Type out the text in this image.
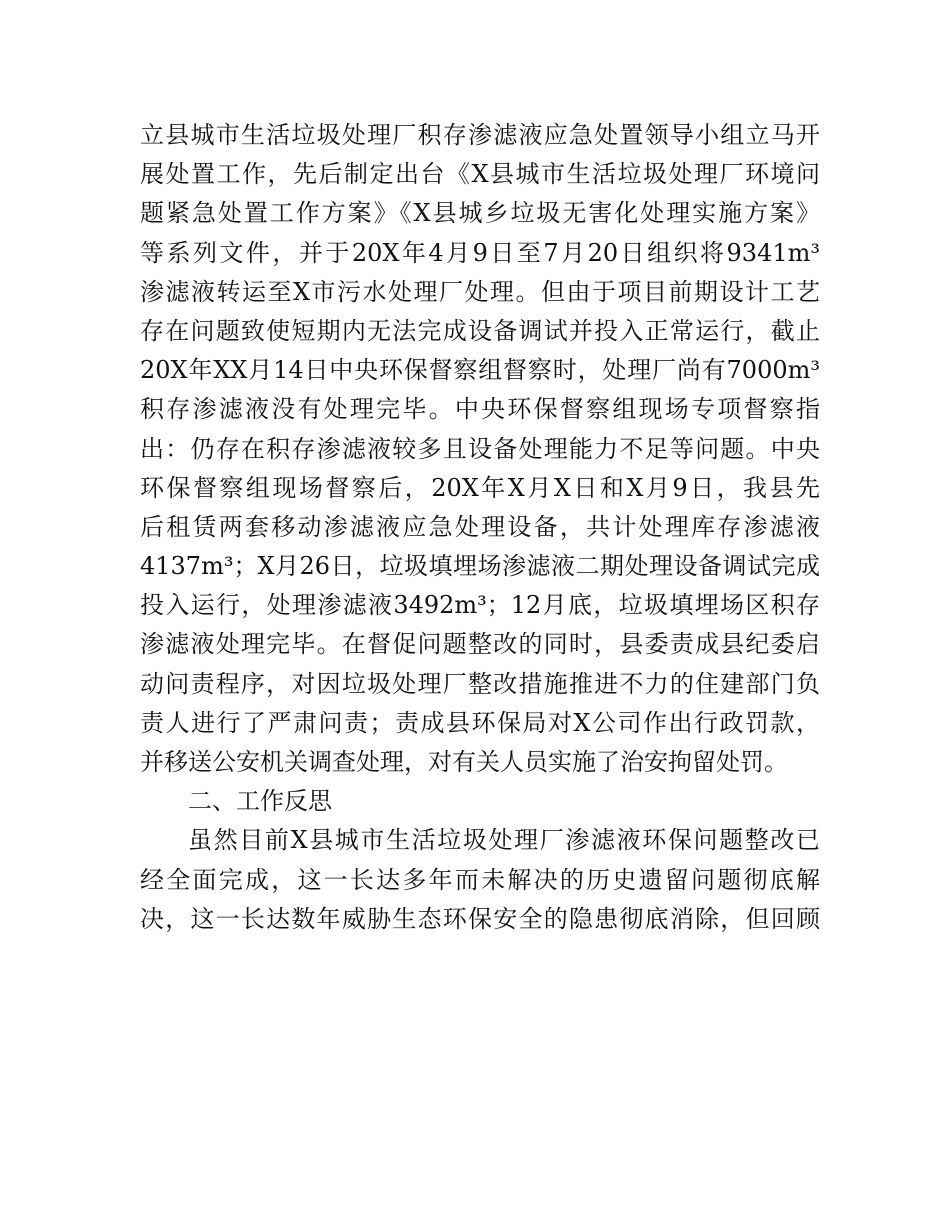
立县城市生活垃圾处理厂积存渗滤液应急处置领导小组立马开
展处置工作，先后制定出台《X县城市生活垃圾处理厂环境问
题紧急处置工作方案》《X县城乡垃圾无害化处理实施方案》
等系列文件，并于20X年4月9日至7月20日组织将9341m³
渗滤液转运至X市污水处理厂处理。但由于项目前期设计工艺
存在问题致使短期内无法完成设备调试并投入正常运行，截止
20X年XX月14日中央环保督察组督察时，处理厂尚有7000m³
积存渗滤液没有处理完毕。中央环保督察组现场专项督察指
出：仍存在积存渗滤液较多且设备处理能力不足等问题。中央
环保督察组现场督察后，20X年X月X日和X月9日，我县先
后租赁两套移动渗滤液应急处理设备，共计处理库存渗滤液
4137m³；X月26日，垃圾填埋场渗滤液二期处理设备调试完成
投入运行，处理渗滤液3492m³；12月底，垃圾填埋场区积存
渗滤液处理完毕。在督促问题整改的同时，县委责成县纪委启
动问责程序，对因垃圾处理厂整改措施推进不力的住建部门负
责人进行了严肃问责；责成县环保局对X公司作出行政罚款，
并移送公安机关调查处理，对有关人员实施了治安拘留处罚。
二、工作反思
虽然目前X县城市生活垃圾处理厂渗滤液环保问题整改已
经全面完成，这一长达多年而未解决的历史遗留问题彻底解
决，这一长达数年威胁生态环保安全的隐患彻底消除，但回顾
